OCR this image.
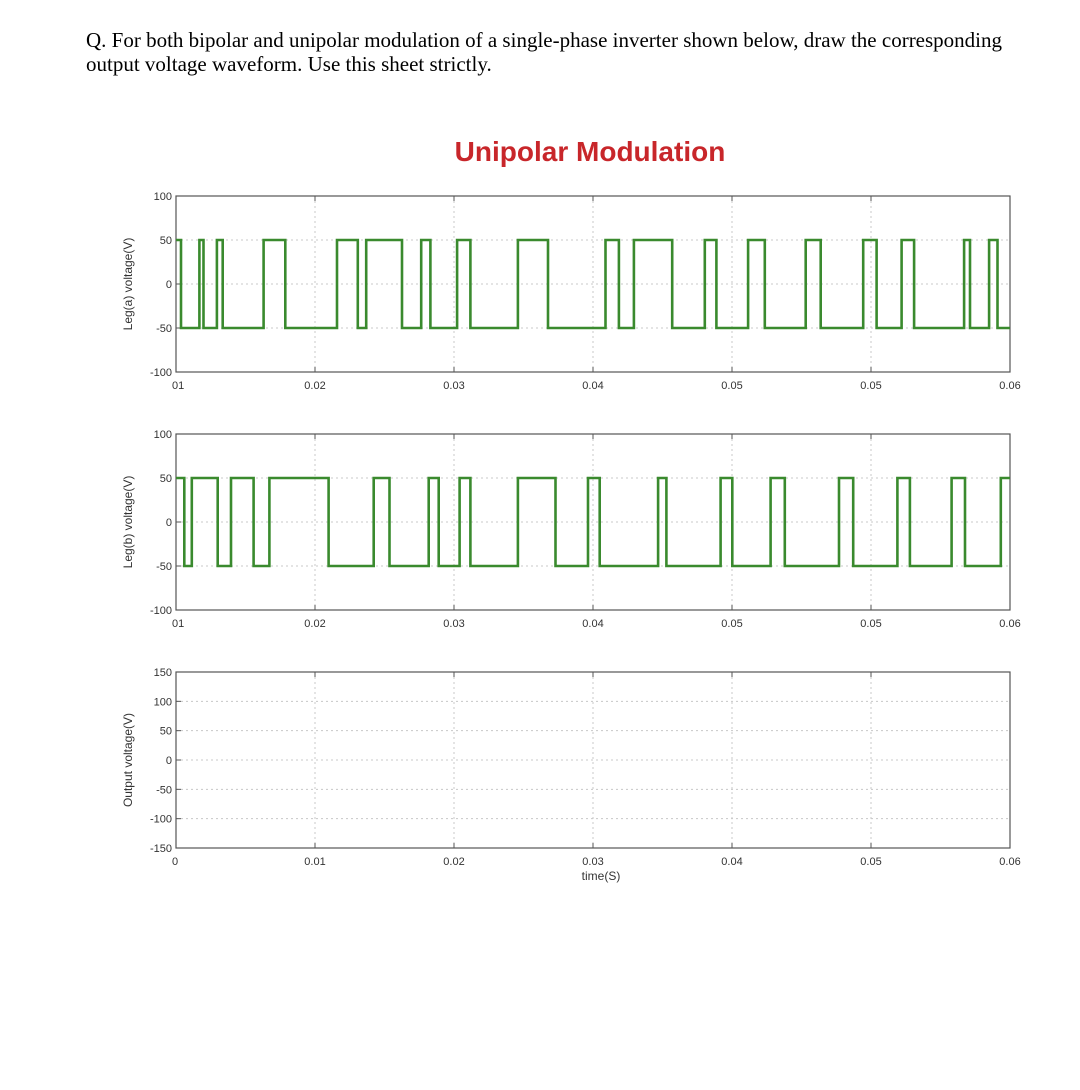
Q. For both bipolar and unipolar modulation of a single-phase inverter shown below, draw the corresponding output voltage waveform. Use this sheet strictly.
Unipolar Modulation
100
50
0
-50
-100
01	0.02	0.03	0.04	0.05	0.05	0.06
Leg(a) voltage(V)
100
50
0
-50
-100
01	0.02	0.03	0.04	0.05	0.05	0.06
Leg(b) voltage(V)
150
100
50
0
-50
-100
-150
0	0.01	0.02	0.03	0.04	0.05	0.06
Output voltage(V)
time(S)
